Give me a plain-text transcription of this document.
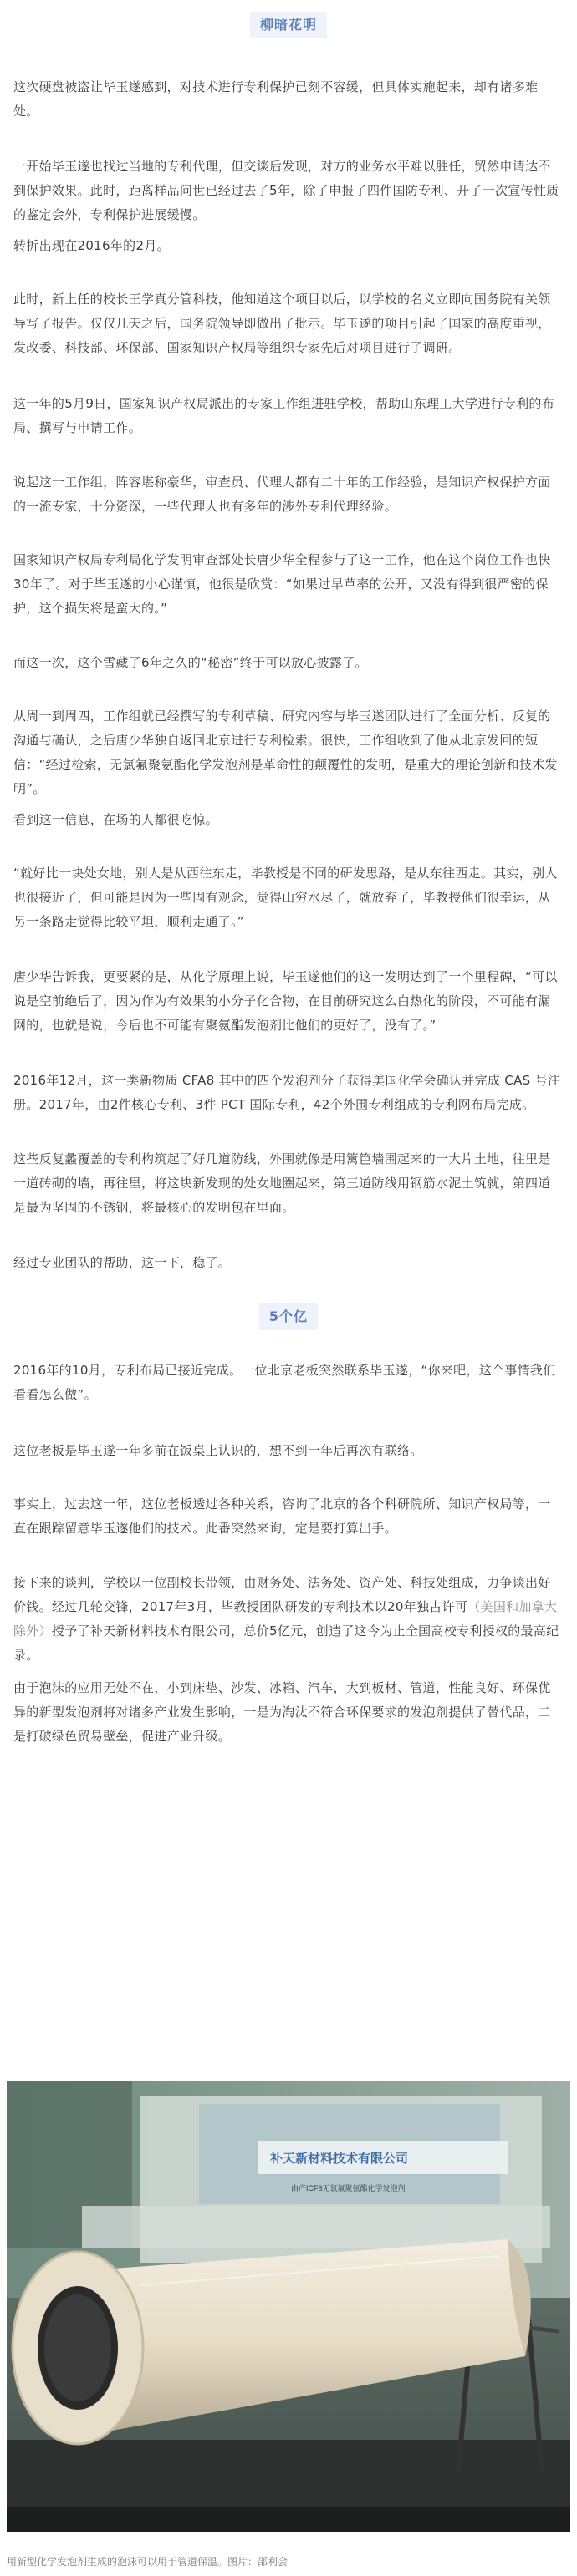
柳暗花明

这次硬盘被盗让毕玉遂感到，对技术进行专利保护已刻不容缓，但具体实施起来，却有诸多难处。

一开始毕玉遂也找过当地的专利代理，但交谈后发现，对方的业务水平难以胜任，贸然申请达不到保护效果。此时，距离样品问世已经过去了5年，除了申报了四件国防专利、开了一次宣传性质的鉴定会外，专利保护进展缓慢。

转折出现在2016年的2月。

此时，新上任的校长王学真分管科技，他知道这个项目以后，以学校的名义立即向国务院有关领导写了报告。仅仅几天之后，国务院领导即做出了批示。毕玉遂的项目引起了国家的高度重视，发改委、科技部、环保部、国家知识产权局等组织专家先后对项目进行了调研。

这一年的5月9日，国家知识产权局派出的专家工作组进驻学校，帮助山东理工大学进行专利的布局、撰写与申请工作。

说起这一工作组，阵容堪称豪华，审查员、代理人都有二十年的工作经验，是知识产权保护方面的一流专家，十分资深，一些代理人也有多年的涉外专利代理经验。

国家知识产权局专利局化学发明审查部处长唐少华全程参与了这一工作，他在这个岗位工作也快30年了。对于毕玉遂的小心谨慎，他很是欣赏：“如果过早草率的公开，又没有得到很严密的保护，这个损失将是蛮大的。”

而这一次，这个雪藏了6年之久的“秘密”终于可以放心披露了。

从周一到周四，工作组就已经撰写的专利草稿、研究内容与毕玉遂团队进行了全面分析、反复的沟通与确认，之后唐少华独自返回北京进行专利检索。很快，工作组收到了他从北京发回的短信：“经过检索，无氯氟聚氨酯化学发泡剂是革命性的颠覆性的发明，是重大的理论创新和技术发明”。

看到这一信息，在场的人都很吃惊。

“就好比一块处女地，别人是从西往东走，毕教授是不同的研发思路，是从东往西走。其实，别人也很接近了，但可能是因为一些固有观念，觉得山穷水尽了，就放弃了，毕教授他们很幸运，从另一条路走觉得比较平坦，顺利走通了。”

唐少华告诉我，更要紧的是，从化学原理上说，毕玉遂他们的这一发明达到了一个里程碑，“可以说是空前绝后了，因为作为有效果的小分子化合物，在目前研究这么白热化的阶段，不可能有漏网的，也就是说，今后也不可能有聚氨酯发泡剂比他们的更好了，没有了。”

2016年12月，这一类新物质 CFA8 其中的四个发泡剂分子获得美国化学会确认并完成 CAS 号注册。2017年，由2件核心专利、3件 PCT 国际专利，42个外围专利组成的专利网布局完成。

这些反复蠡覆盖的专利构筑起了好几道防线，外围就像是用篱笆墙围起来的一大片土地，往里是一道砖砌的墙，再往里，将这块新发现的处女地圈起来，第三道防线用钢筋水泥土筑就，第四道是最为坚固的不锈钢，将最核心的发明包在里面。

经过专业团队的帮助，这一下，稳了。

5个亿

2016年的10月，专利布局已接近完成。一位北京老板突然联系毕玉遂，“你来吧，这个事情我们看看怎么做”。

这位老板是毕玉遂一年多前在饭桌上认识的，想不到一年后再次有联络。

事实上，过去这一年，这位老板透过各种关系，咨询了北京的各个科研院所、知识产权局等，一直在跟踪留意毕玉遂他们的技术。此番突然来询，定是要打算出手。

接下来的谈判，学校以一位副校长带领，由财务处、法务处、资产处、科技处组成，力争谈出好价钱。经过几轮交锋，2017年3月，毕教授团队研发的专利技术以20年独占许可（美国和加拿大除外）授予了补天新材料技术有限公司，总价5亿元，创造了这今为止全国高校专利授权的最高纪录。

由于泡沫的应用无处不在，小到床垫、沙发、冰箱、汽车，大到板材、管道，性能良好、环保优异的新型发泡剂将对诸多产业发生影响，一是为淘汰不符合环保要求的发泡剂提供了替代品，二是打破绿色贸易壁垒，促进产业升级。

补天新材料技术有限公司
由产ICF8无氯氟聚氨酯化学发泡剂

用新型化学发泡剂生成的泡沫可以用于管道保温。图片：邵利会
